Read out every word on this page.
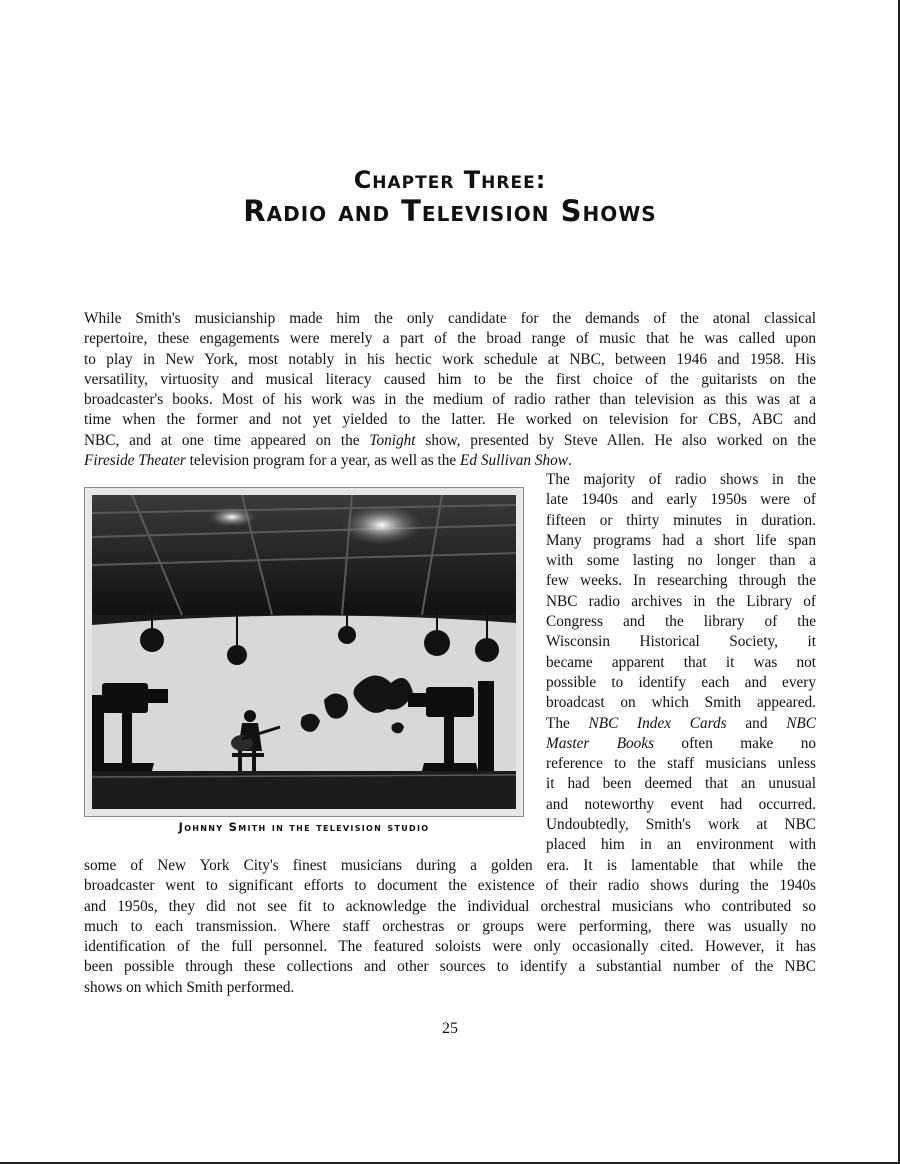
Chapter Three:
Radio and Television Shows
While Smith's musicianship made him the only candidate for the demands of the atonal classical
repertoire, these engagements were merely a part of the broad range of music that he was called upon
to play in New York, most notably in his hectic work schedule at NBC, between 1946 and 1958. His
versatility, virtuosity and musical literacy caused him to be the first choice of the guitarists on the
broadcaster's books. Most of his work was in the medium of radio rather than television as this was at a
time when the former and not yet yielded to the latter. He worked on television for CBS, ABC and
NBC, and at one time appeared on the Tonight show, presented by Steve Allen. He also worked on the
Fireside Theater television program for a year, as well as the Ed Sullivan Show.
Johnny Smith in the television studio
The majority of radio shows in the
late 1940s and early 1950s were of
fifteen or thirty minutes in duration.
Many programs had a short life span
with some lasting no longer than a
few weeks. In researching through the
NBC radio archives in the Library of
Congress and the library of the
Wisconsin Historical Society, it
became apparent that it was not
possible to identify each and every
broadcast on which Smith appeared.
The NBC Index Cards and NBC
Master Books often make no
reference to the staff musicians unless
it had been deemed that an unusual
and noteworthy event had occurred.
Undoubtedly, Smith's work at NBC
placed him in an environment with
some of New York City's finest musicians during a golden era. It is lamentable that while the
broadcaster went to significant efforts to document the existence of their radio shows during the 1940s
and 1950s, they did not see fit to acknowledge the individual orchestral musicians who contributed so
much to each transmission. Where staff orchestras or groups were performing, there was usually no
identification of the full personnel. The featured soloists were only occasionally cited. However, it has
been possible through these collections and other sources to identify a substantial number of the NBC
shows on which Smith performed.
25
